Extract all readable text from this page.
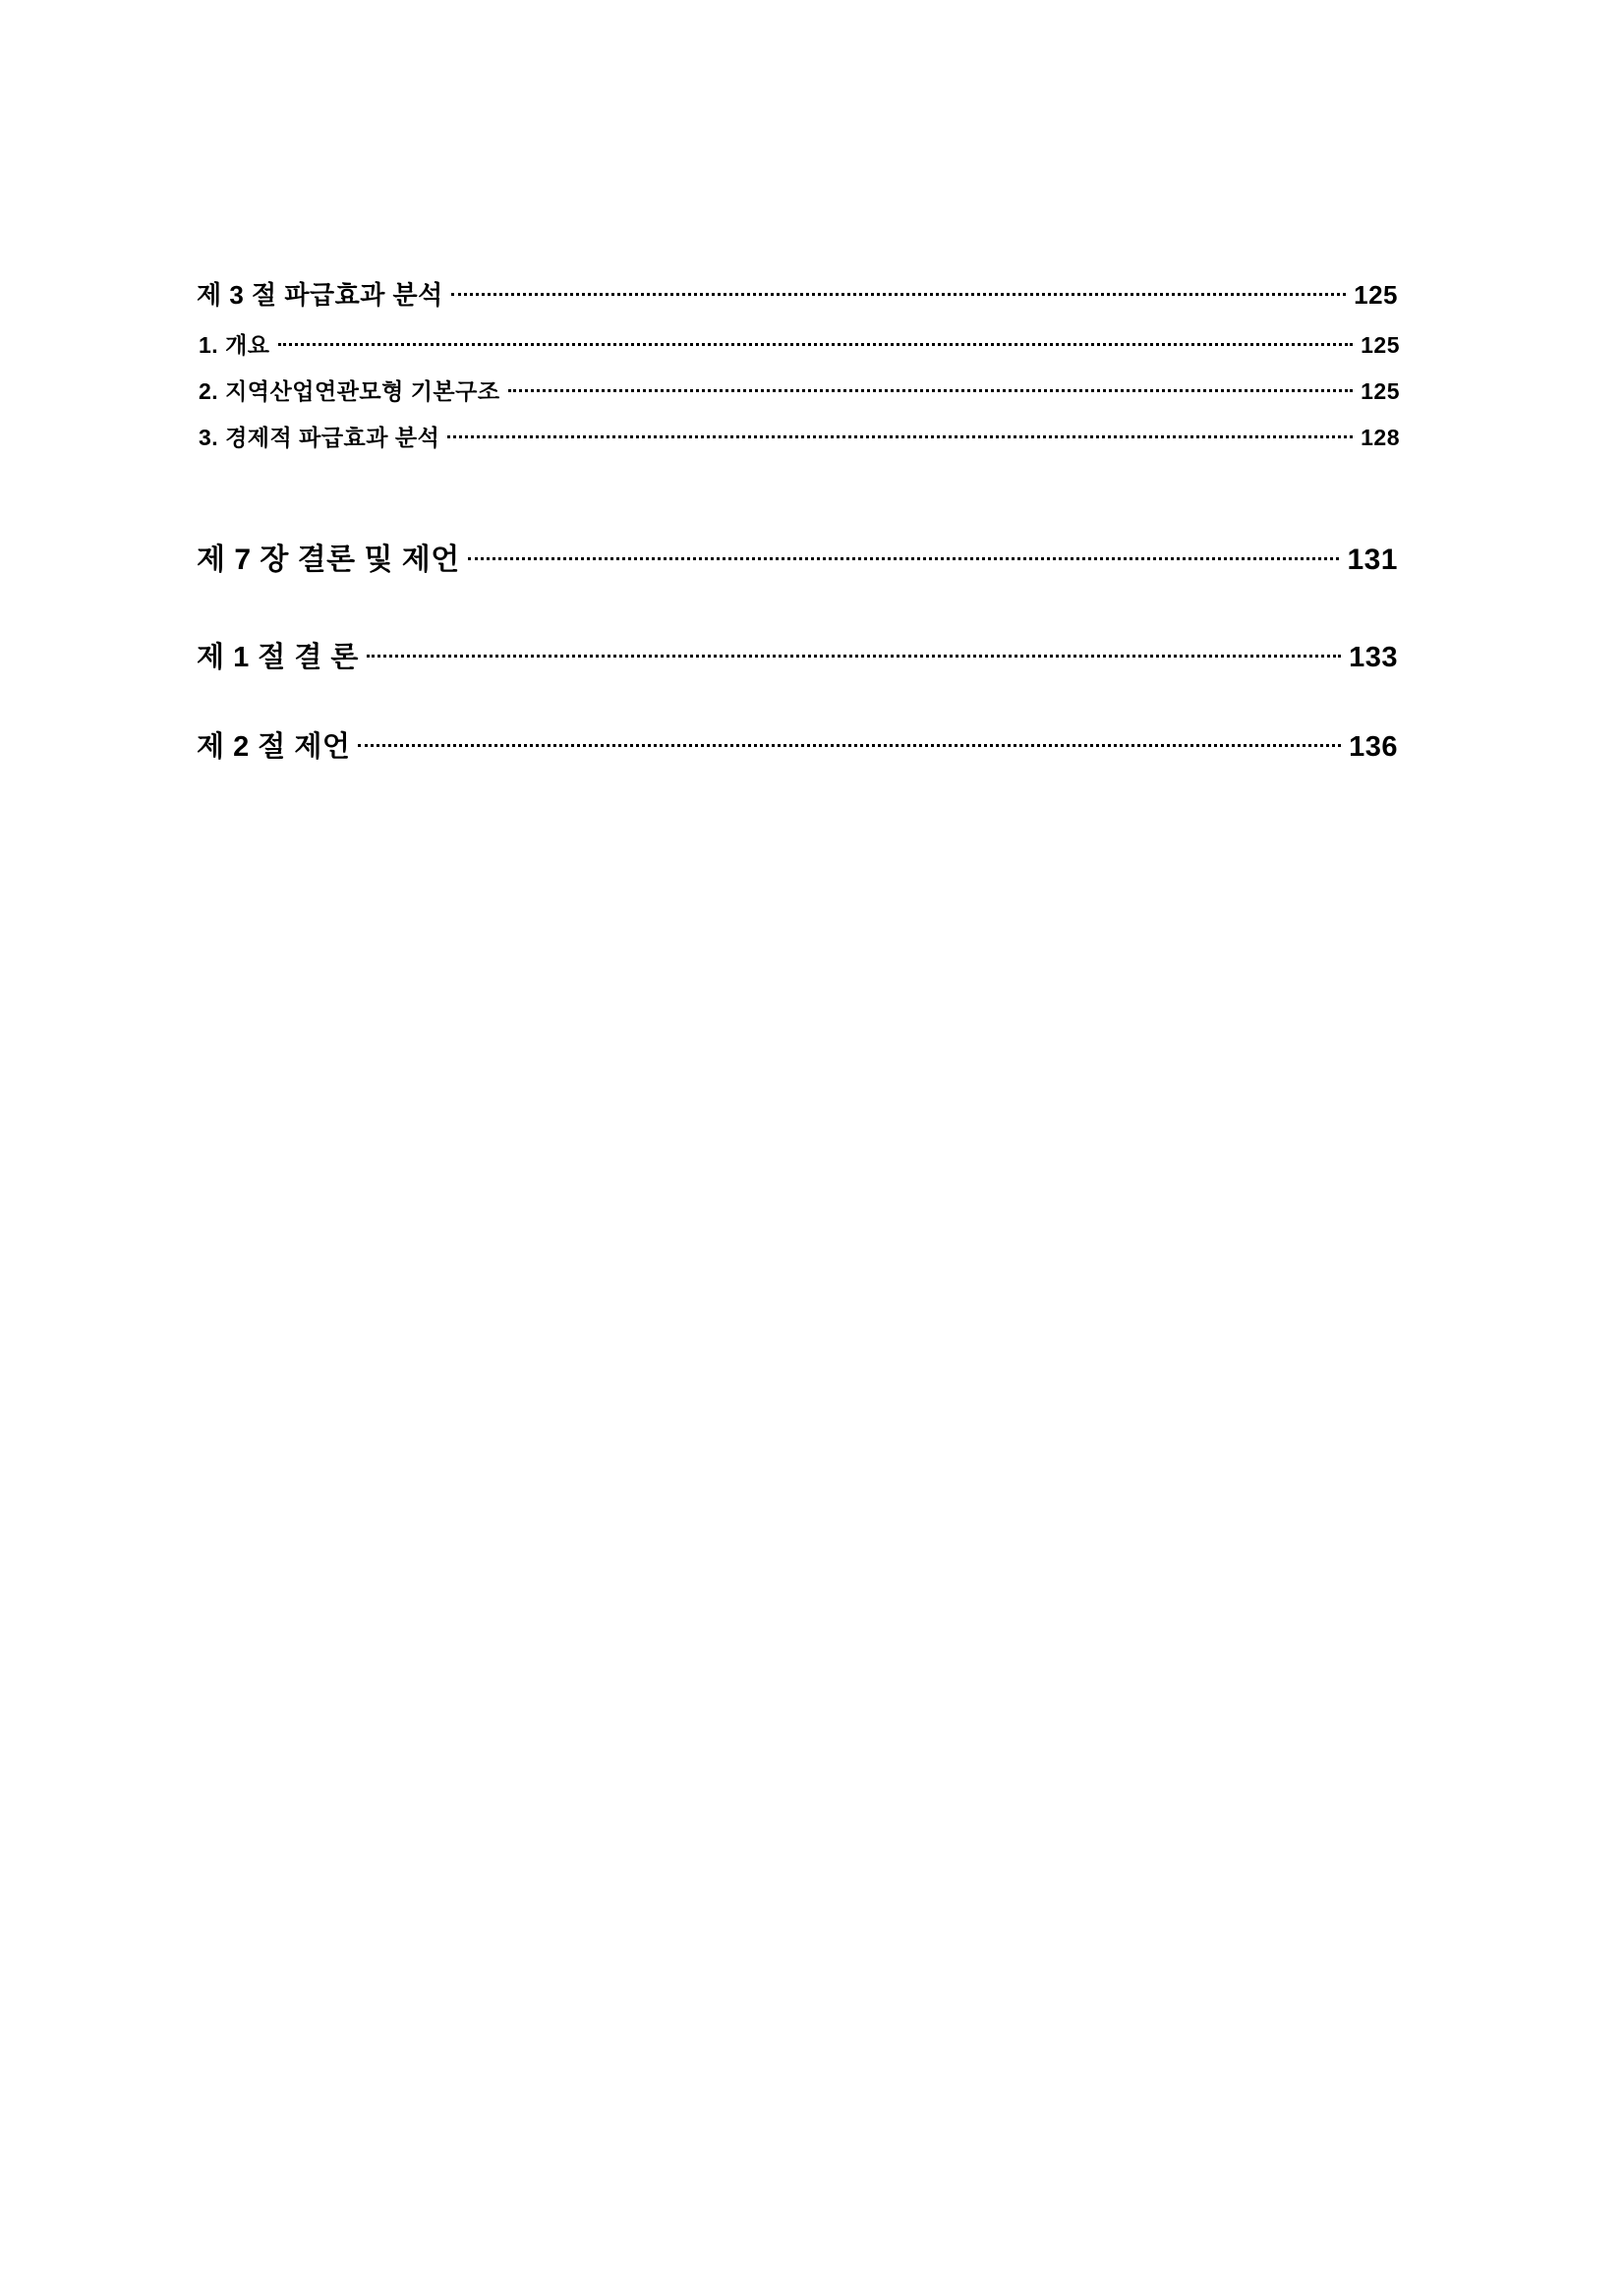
제 3 절 파급효과 분석	125
1. 개요	125
2. 지역산업연관모형 기본구조	125
3. 경제적 파급효과 분석	128
제 7 장 결론 및 제언	131
제 1 절 결 론	133
제 2 절 제언	136
